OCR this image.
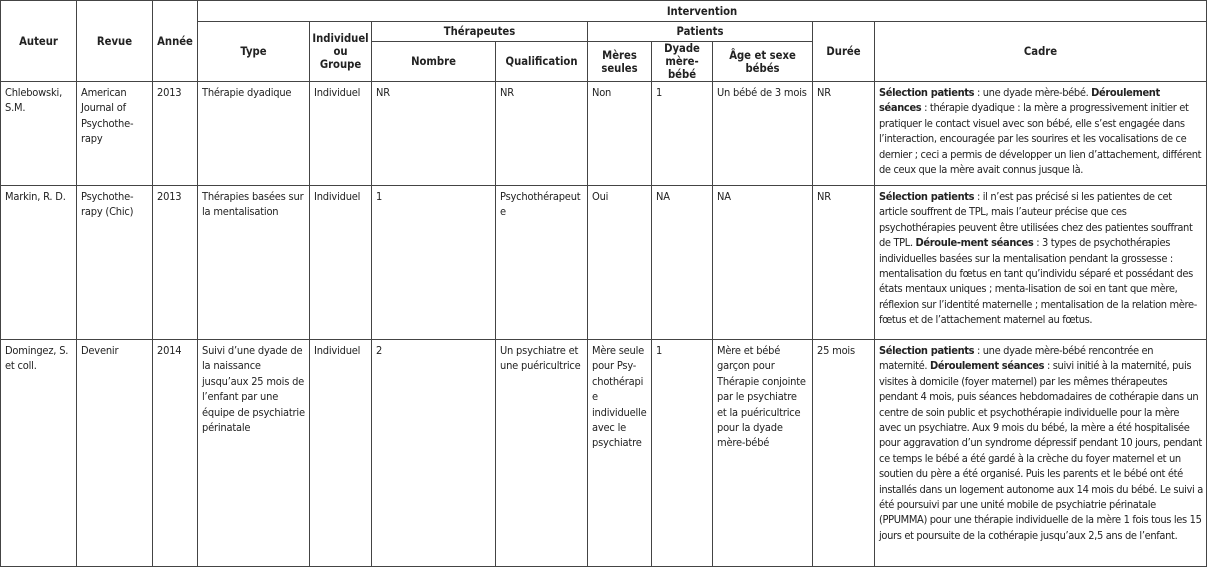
Auteur	Revue	Année	Intervention								
			Type	Individuel ou Groupe	Thérapeutes		Patients			Durée	Cadre
					Nombre	Qualification	Mères seules	Dyade mère-bébé	Âge et sexe bébés		
Chlebowski, S.M.	American Journal of Psychothe-rapy	2013	Thérapie dyadique	Individuel	NR	NR	Non	1	Un bébé de 3 mois	NR	Sélection patients : une dyade mère-bébé. Déroulement séances : thérapie dyadique : la mère a progressivement initier et pratiquer le contact visuel avec son bébé, elle s’est engagée dans l’interaction, encouragée par les sourires et les vocalisations de ce dernier ; ceci a permis de développer un lien d’attachement, différent de ceux que la mère avait connus jusque là.
Markin, R. D.	Psychothe-rapy (Chic)	2013	Thérapies basées sur la mentalisation	Individuel	1	Psychothérapeute	Oui	NA	NA	NR	Sélection patients : il n’est pas précisé si les patientes de cet article souffrent de TPL, mais l’auteur précise que ces psychothérapies peuvent être utilisées chez des patientes souffrant de TPL. Déroule-ment séances : 3 types de psychothérapies individuelles basées sur la mentalisation pendant la grossesse : mentalisation du fœtus en tant qu’individu séparé et possédant des états mentaux uniques ; menta-lisation de soi en tant que mère, réflexion sur l’identité maternelle ; mentalisation de la relation mère-fœtus et de l’attachement maternel au fœtus.
Domingez, S. et coll.	Devenir	2014	Suivi d’une dyade de la naissance jusqu’aux 25 mois de l’enfant par une équipe de psychiatrie périnatale	Individuel	2	Un psychiatre et une puéricultrice	Mère seule pour Psy-chothérapie individuelle avec le psychiatre	1	Mère et bébé garçon pour Thérapie conjointe par le psychiatre et la puéricultrice pour la dyade mère-bébé	25 mois	Sélection patients : une dyade mère-bébé rencontrée en maternité. Déroulement séances : suivi initié à la maternité, puis visites à domicile (foyer maternel) par les mêmes thérapeutes pendant 4 mois, puis séances hebdomadaires de cothérapie dans un centre de soin public et psychothérapie individuelle pour la mère avec un psychiatre. Aux 9 mois du bébé, la mère a été hospitalisée pour aggravation d’un syndrome dépressif pendant 10 jours, pendant ce temps le bébé a été gardé à la crèche du foyer maternel et un soutien du père a été organisé. Puis les parents et le bébé ont été installés dans un logement autonome aux 14 mois du bébé. Le suivi a été poursuivi par une unité mobile de psychiatrie périnatale (PPUMMA) pour une thérapie individuelle de la mère 1 fois tous les 15 jours et poursuite de la cothérapie jusqu’aux 2,5 ans de l’enfant.
